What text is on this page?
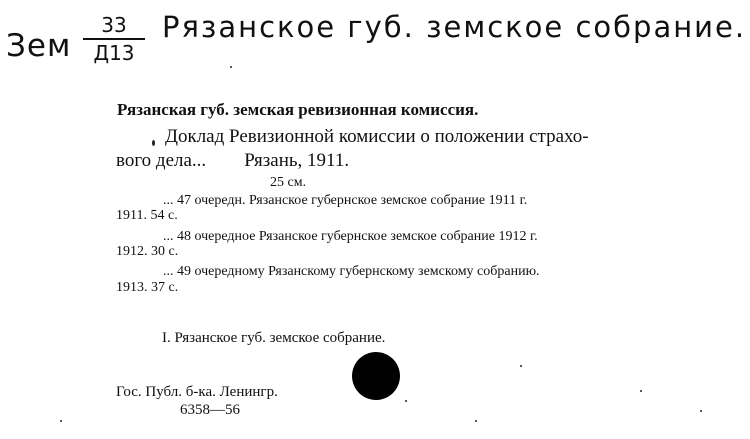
Зем
33
Д13
Рязанское губ. земское собрание.
Рязанская губ. земская ревизионная комиссия.
Доклад Ревизионной комиссии о положении страхо-
вого дела... Рязань, 1911.
25 см.
... 47 очередн. Рязанское губернское земское собрание 1911 г.
1911. 54 с.
... 48 очередное Рязанское губернское земское собрание 1912 г.
1912. 30 с.
... 49 очередному Рязанскому губернскому земскому собранию.
1913. 37 с.
I. Рязанское губ. земское собрание.
Гос. Публ. б-ка. Ленингр.
6358—56
